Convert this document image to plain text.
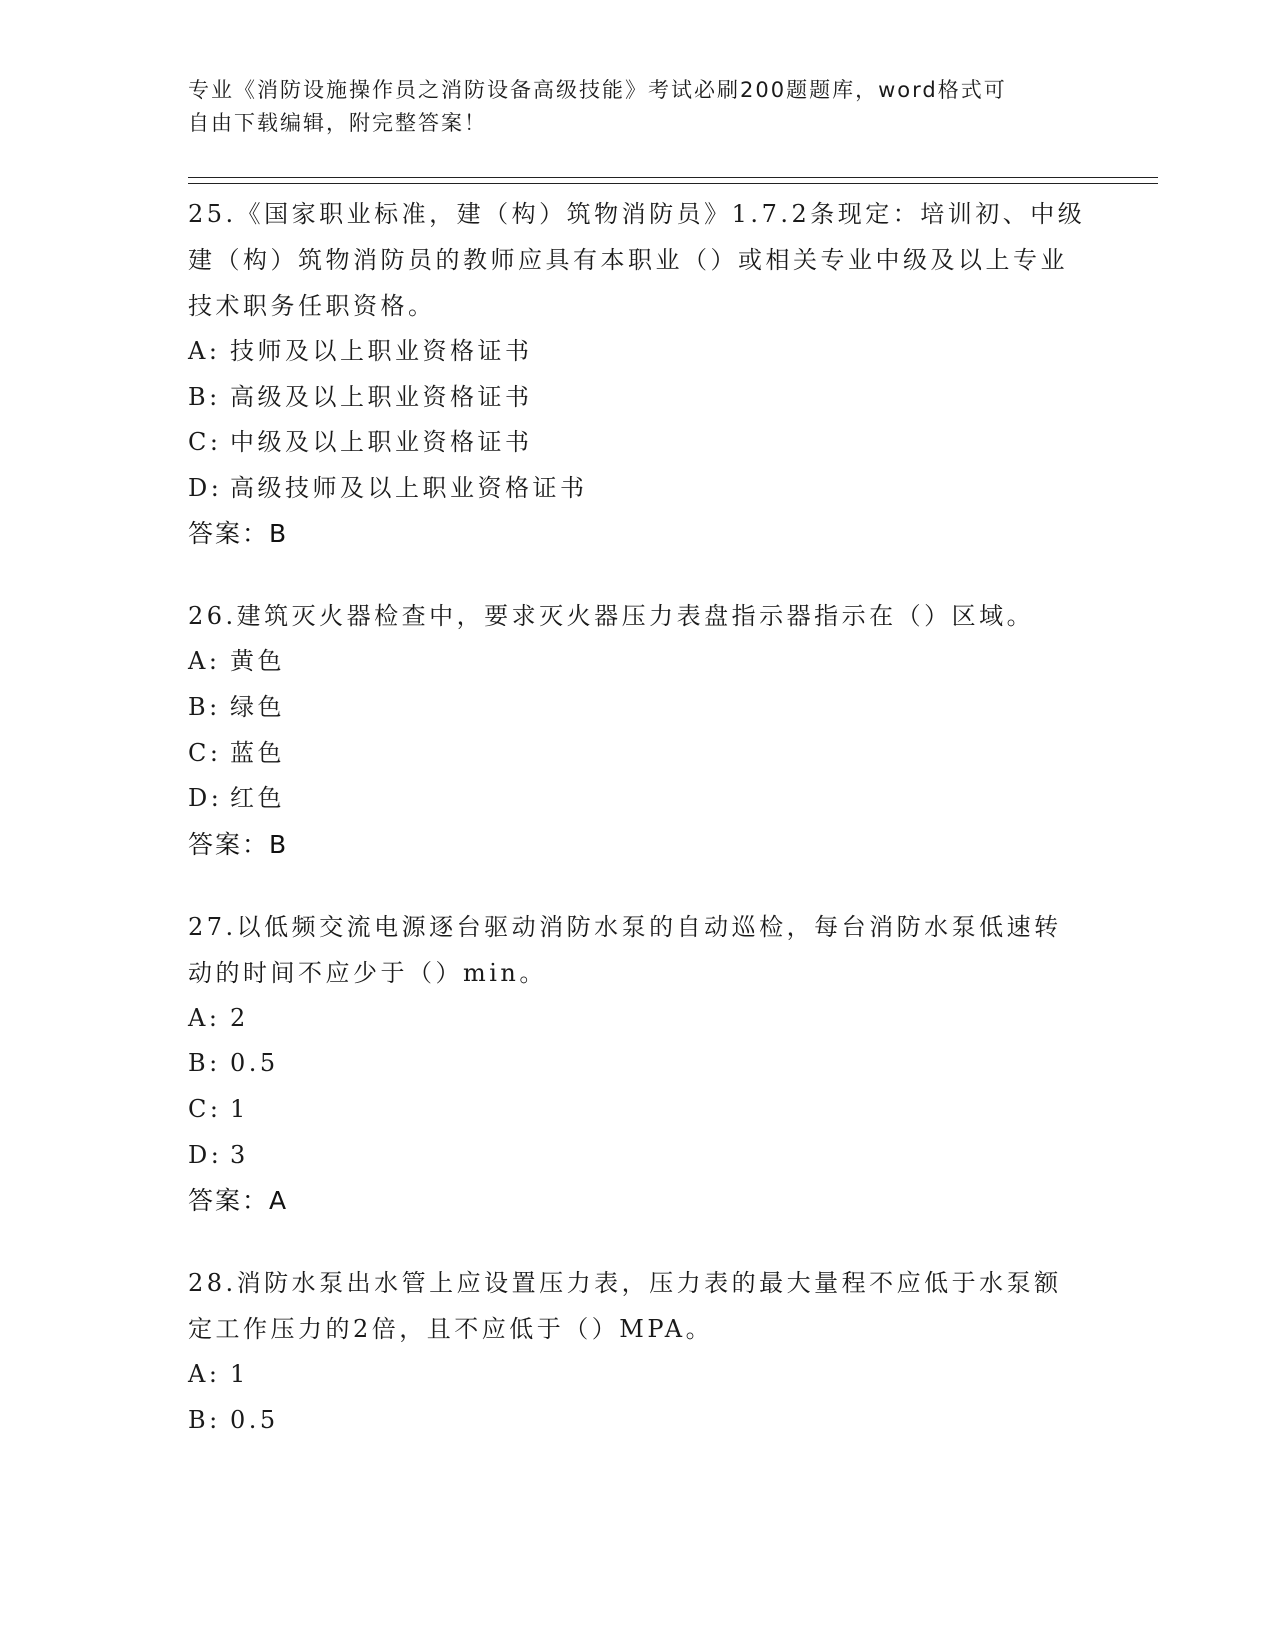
专业《消防设施操作员之消防设备高级技能》考试必刷200题题库，word格式可
自由下载编辑，附完整答案！
25.《国家职业标准，建（构）筑物消防员》1.7.2条现定：培训初、中级建（构）筑物消防员的教师应具有本职业（）或相关专业中级及以上专业技术职务任职资格。
A: 技师及以上职业资格证书
B: 高级及以上职业资格证书
C: 中级及以上职业资格证书
D: 高级技师及以上职业资格证书
答案：B
26.建筑灭火器检查中，要求灭火器压力表盘指示器指示在（）区域。
A: 黄色
B: 绿色
C: 蓝色
D: 红色
答案：B
27.以低频交流电源逐台驱动消防水泵的自动巡检，每台消防水泵低速转动的时间不应少于（）min。
A: 2
B: 0.5
C: 1
D: 3
答案：A
28.消防水泵出水管上应设置压力表，压力表的最大量程不应低于水泵额定工作压力的2倍，且不应低于（）MPA。
A: 1
B: 0.5
